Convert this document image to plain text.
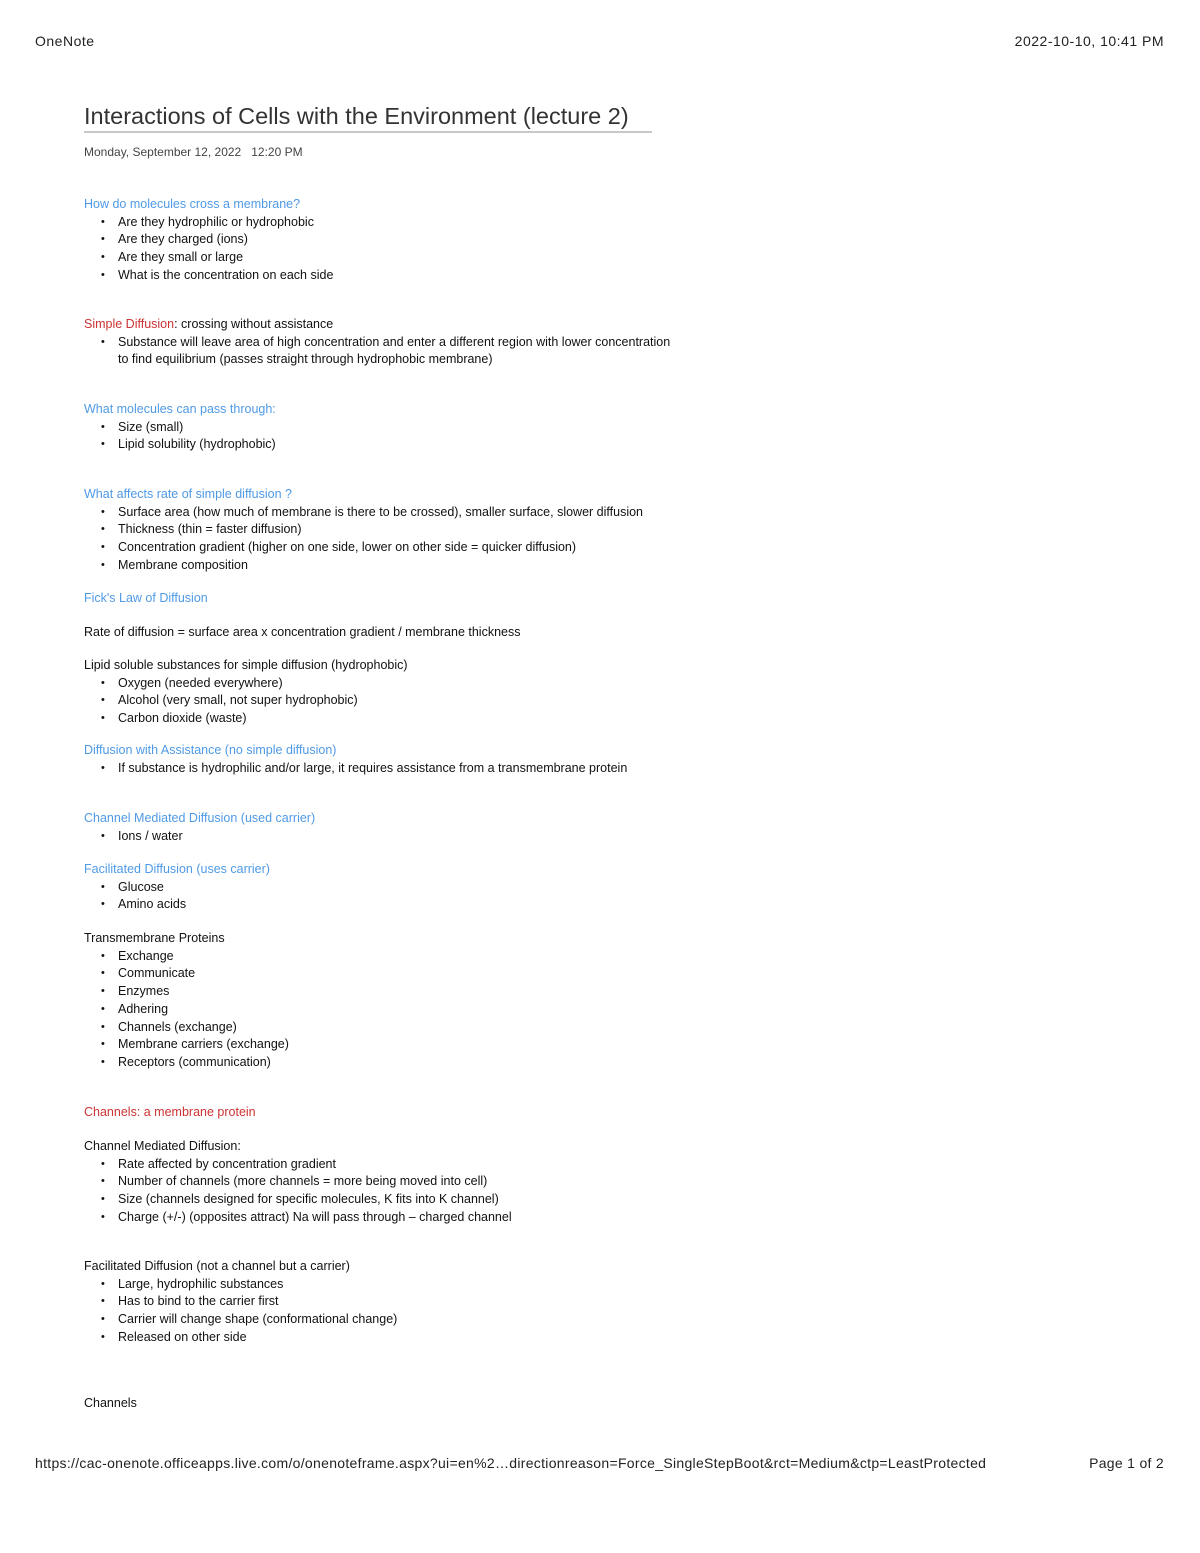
OneNote	2022-10-10, 10:41 PM
Interactions of Cells with the Environment (lecture 2)
Monday, September 12, 2022 12:20 PM
How do molecules cross a membrane?
• Are they hydrophilic or hydrophobic
• Are they charged (ions)
• Are they small or large
• What is the concentration on each side
Simple Diffusion: crossing without assistance
• Substance will leave area of high concentration and enter a different region with lower concentration to find equilibrium (passes straight through hydrophobic membrane)
What molecules can pass through:
• Size (small)
• Lipid solubility (hydrophobic)
What affects rate of simple diffusion ?
• Surface area (how much of membrane is there to be crossed), smaller surface, slower diffusion
• Thickness (thin = faster diffusion)
• Concentration gradient (higher on one side, lower on other side = quicker diffusion)
• Membrane composition
Fick's Law of Diffusion
Rate of diffusion = surface area x concentration gradient / membrane thickness
Lipid soluble substances for simple diffusion (hydrophobic)
• Oxygen (needed everywhere)
• Alcohol (very small, not super hydrophobic)
• Carbon dioxide (waste)
Diffusion with Assistance (no simple diffusion)
• If substance is hydrophilic and/or large, it requires assistance from a transmembrane protein
Channel Mediated Diffusion (used carrier)
• Ions / water
Facilitated Diffusion (uses carrier)
• Glucose
• Amino acids
Transmembrane Proteins
• Exchange
• Communicate
• Enzymes
• Adhering
• Channels (exchange)
• Membrane carriers (exchange)
• Receptors (communication)
Channels: a membrane protein
Channel Mediated Diffusion:
• Rate affected by concentration gradient
• Number of channels (more channels = more being moved into cell)
• Size (channels designed for specific molecules, K fits into K channel)
• Charge (+/-) (opposites attract) Na will pass through – charged channel
Facilitated Diffusion (not a channel but a carrier)
• Large, hydrophilic substances
• Has to bind to the carrier first
• Carrier will change shape (conformational change)
• Released on other side
Channels
https://cac-onenote.officeapps.live.com/o/onenoteframe.aspx?ui=en%2…directionreason=Force_SingleStepBoot&rct=Medium&ctp=LeastProtected	Page 1 of 2
